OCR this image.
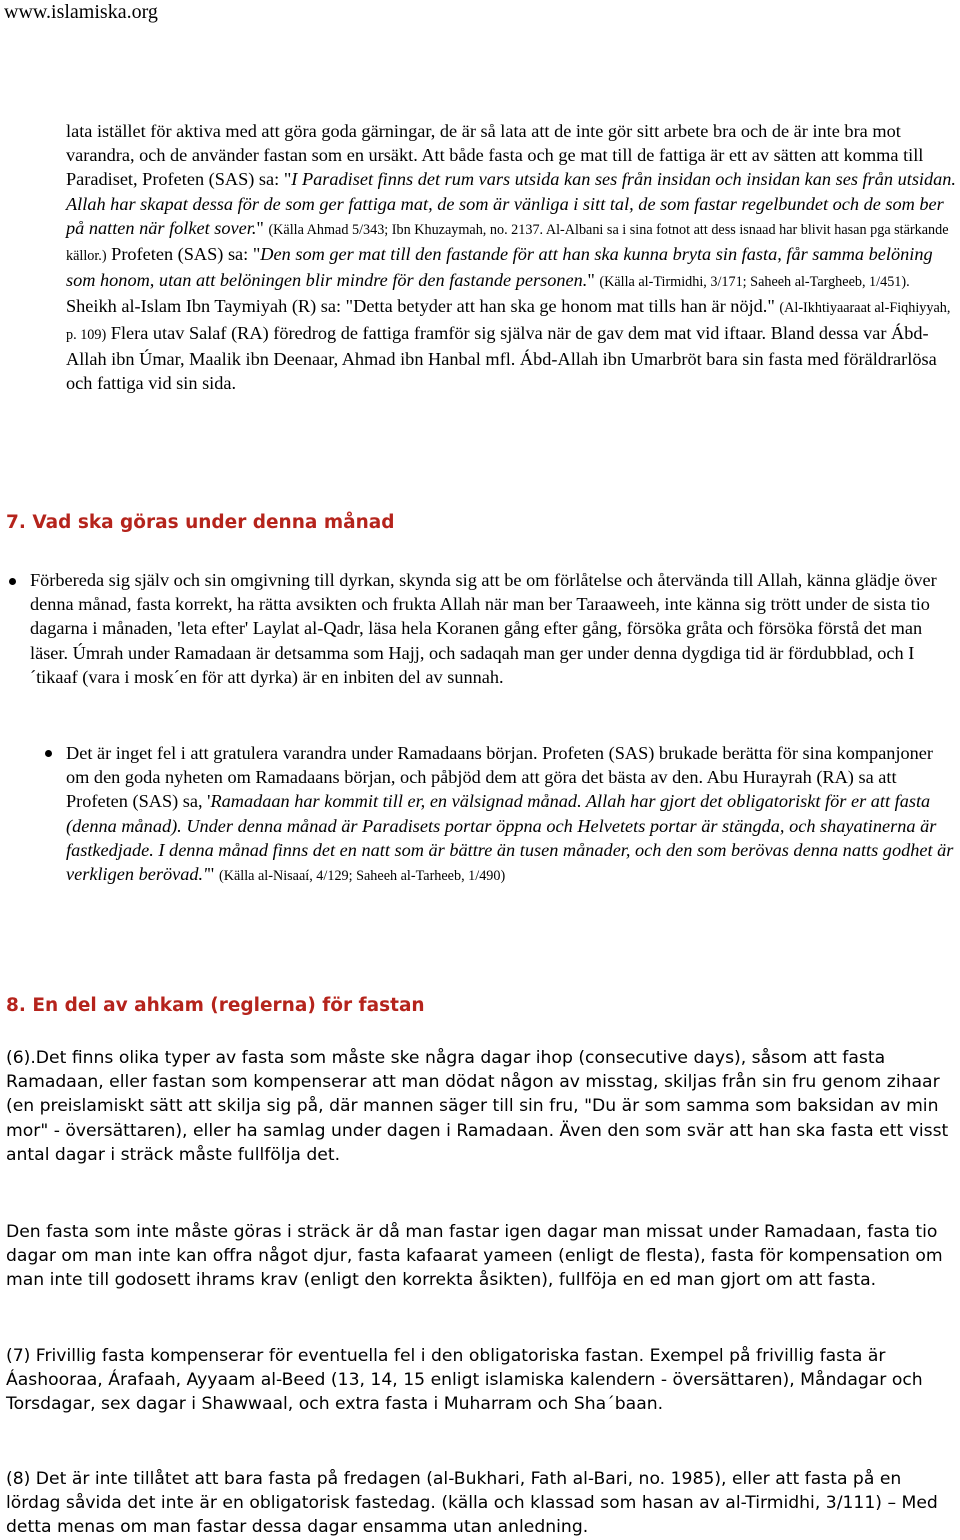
www.islamiska.org
lata istället för aktiva med att göra goda gärningar, de är så lata att de inte gör sitt arbete bra och de är inte bra mot varandra, och de använder fastan som en ursäkt. Att både fasta och ge mat till de fattiga är ett av sätten att komma till Paradiset, Profeten (SAS) sa: "I Paradiset finns det rum vars utsida kan ses från insidan och insidan kan ses från utsidan. Allah har skapat dessa för de som ger fattiga mat, de som är vänliga i sitt tal, de som fastar regelbundet och de som ber på natten när folket sover." (Källa Ahmad 5/343; Ibn Khuzaymah, no. 2137. Al-Albani sa i sina fotnot att dess isnaad har blivit hasan pga stärkande källor.) Profeten (SAS) sa: "Den som ger mat till den fastande för att han ska kunna bryta sin fasta, får samma belöning som honom, utan att belöningen blir mindre för den fastande personen." (Källa al-Tirmidhi, 3/171; Saheeh al-Targheeb, 1/451). Sheikh al-Islam Ibn Taymiyah (R) sa: "Detta betyder att han ska ge honom mat tills han är nöjd." (Al-Ikhtiyaaraat al-Fiqhiyyah, p. 109) Flera utav Salaf (RA) föredrog de fattiga framför sig själva när de gav dem mat vid iftaar. Bland dessa var Ábd-Allah ibn Úmar, Maalik ibn Deenaar, Ahmad ibn Hanbal mfl. Ábd-Allah ibn Umarbröt bara sin fasta med föräldrarlösa och fattiga vid sin sida.
7. Vad ska göras under denna månad
Förbereda sig själv och sin omgivning till dyrkan, skynda sig att be om förlåtelse och återvända till Allah, känna glädje över denna månad, fasta korrekt, ha rätta avsikten och frukta Allah när man ber Taraaweeh, inte känna sig trött under de sista tio dagarna i månaden, 'leta efter' Laylat al-Qadr, läsa hela Koranen gång efter gång, försöka gråta och försöka förstå det man läser. Úmrah under Ramadaan är detsamma som Hajj, och sadaqah man ger under denna dygdiga tid är fördubblad, och I´tikaaf (vara i mosk´en för att dyrka) är en inbiten del av sunnah.
Det är inget fel i att gratulera varandra under Ramadaans början. Profeten (SAS) brukade berätta för sina kompanjoner om den goda nyheten om Ramadaans början, och påbjöd dem att göra det bästa av den. Abu Hurayrah (RA) sa att Profeten (SAS) sa, 'Ramadaan har kommit till er, en välsignad månad. Allah har gjort det obligatoriskt för er att fasta (denna månad). Under denna månad är Paradisets portar öppna och Helvetets portar är stängda, och shayatinerna är fastkedjade. I denna månad finns det en natt som är bättre än tusen månader, och den som berövas denna natts godhet är verkligen berövad.'" (Källa al-Nisaaí, 4/129; Saheeh al-Tarheeb, 1/490)
8. En del av ahkam (reglerna) för fastan

(6).Det finns olika typer av fasta som måste ske några dagar ihop (consecutive days), såsom att fasta Ramadaan, eller fastan som kompenserar att man dödat någon av misstag, skiljas från sin fru genom zihaar (en preislamiskt sätt att skilja sig på, där mannen säger till sin fru, "Du är som samma som baksidan av min mor" - översättaren), eller ha samlag under dagen i Ramadaan. Även den som svär att han ska fasta ett visst antal dagar i sträck måste fullfölja det.

Den fasta som inte måste göras i sträck är då man fastar igen dagar man missat under Ramadaan, fasta tio dagar om man inte kan offra något djur, fasta kafaarat yameen (enligt de flesta), fasta för kompensation om man inte till godosett ihrams krav (enligt den korrekta åsikten), fullföja en ed man gjort om att fasta.

(7) Frivillig fasta kompenserar för eventuella fel i den obligatoriska fastan. Exempel på frivillig fasta är Áashooraa, Árafaah, Ayyaam al-Beed (13, 14, 15 enligt islamiska kalendern - översättaren), Måndagar och Torsdagar, sex dagar i Shawwaal, och extra fasta i Muharram och Sha´baan.

(8) Det är inte tillåtet att bara fasta på fredagen (al-Bukhari, Fath al-Bari, no. 1985), eller att fasta på en lördag såvida det inte är en obligatorisk fastedag. (källa och klassad som hasan av al-Tirmidhi, 3/111) – Med detta menas om man fastar dessa dagar ensamma utan anledning.
